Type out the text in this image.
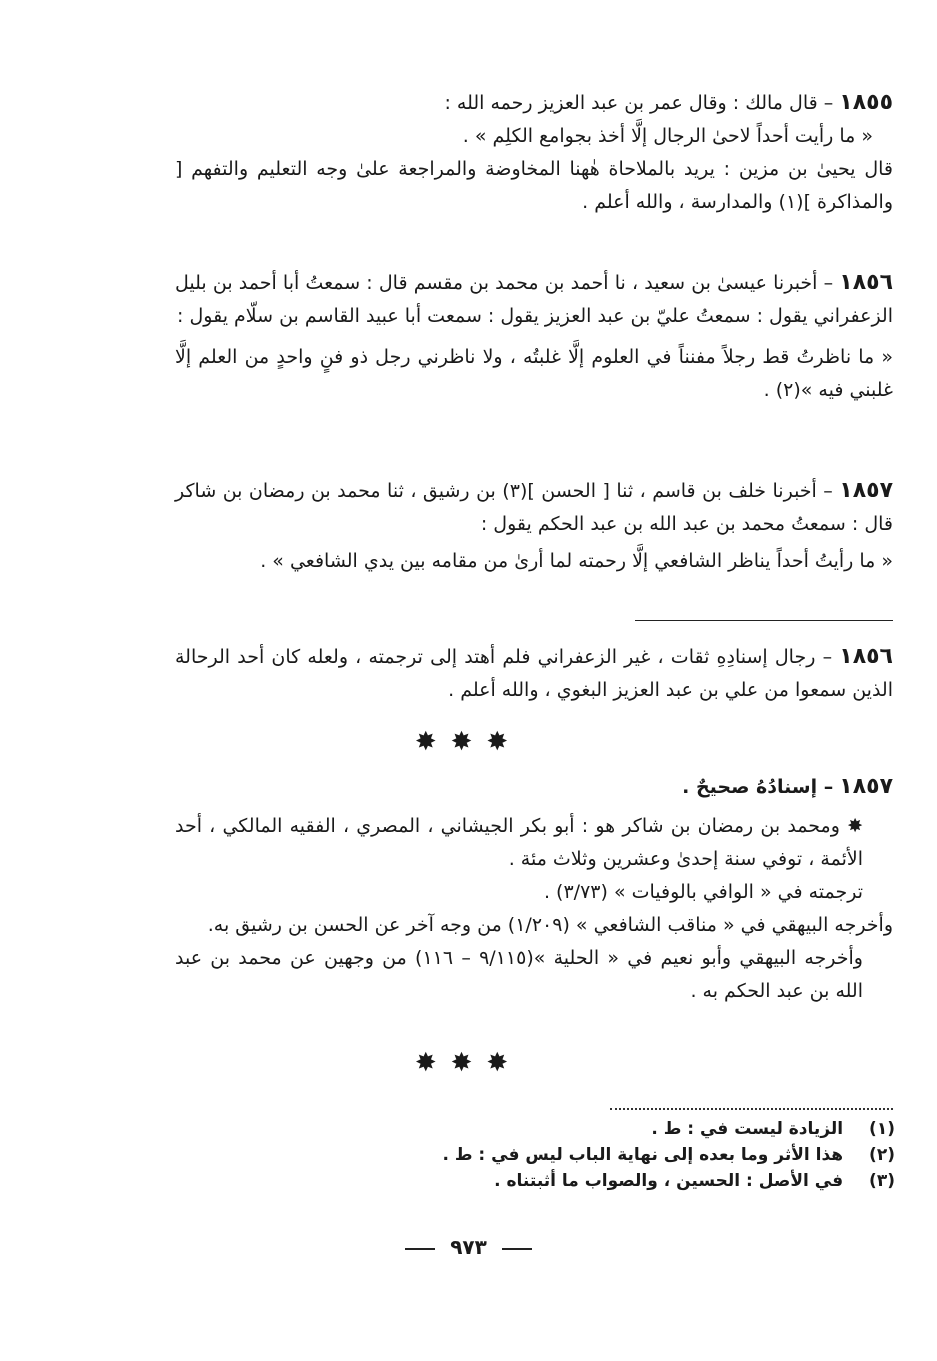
١٨٥٥ – قال مالك : وقال عمر بن عبد العزيز رحمه الله :
« ما رأيت أحداً لاحىٰ الرجال إلَّا أخذ بجوامع الكلِم » .
قال يحيىٰ بن مزين : يريد بالملاحاة هٰهنا المخاوضة والمراجعة علىٰ وجه التعليم والتفهم [ والمذاكرة ](١) والمدارسة ، والله أعلم .
١٨٥٦ – أخبرنا عيسىٰ بن سعيد ، نا أحمد بن محمد بن مقسم قال : سمعتُ أبا أحمد بن بليل الزعفراني يقول : سمعتُ عليّ بن عبد العزيز يقول : سمعت أبا عبيد القاسم بن سلّام يقول :
« ما ناظرتُ قط رجلاً مفنناً في العلوم إلَّا غلبتُه ، ولا ناظرني رجل ذو فنٍ واحدٍ من العلم إلَّا غلبني فيه »(٢) .
١٨٥٧ – أخبرنا خلف بن قاسم ، ثنا [ الحسن ](٣) بن رشيق ، ثنا محمد بن رمضان بن شاكر قال : سمعتُ محمد بن عبد الله بن عبد الحكم يقول :
« ما رأيتُ أحداً يناظر الشافعي إلَّا رحمته لما أرىٰ من مقامه بين يدي الشافعي » .
١٨٥٦ – رجال إسنادِهِ ثقات ، غير الزعفراني فلم أهتد إلى ترجمته ، ولعله كان أحد الرحالة الذين سمعوا من علي بن عبد العزيز البغوي ، والله أعلم .
✸✸✸
١٨٥٧ – إسنادُهُ صحيحٌ .
✸ ومحمد بن رمضان بن شاكر هو : أبو بكر الجيشاني ، المصري ، الفقيه المالكي ، أحد الأئمة ، توفي سنة إحدىٰ وعشرين وثلاث مئة .
ترجمته في « الوافي بالوفيات » (٣/٧٣) .
وأخرجه البيهقي في « مناقب الشافعي » (١/٢٠٩) من وجه آخر عن الحسن بن رشيق به.
وأخرجه البيهقي وأبو نعيم في « الحلية »(٩/١١٥ – ١١٦) من وجهين عن محمد بن عبد الله بن عبد الحكم به .
✸✸✸
(١) الزيادة ليست في : ط .
(٢) هذا الأثر وما بعده إلى نهاية الباب ليس في : ط .
(٣) في الأصل : الحسين ، والصواب ما أثبتناه .
٩٧٣
